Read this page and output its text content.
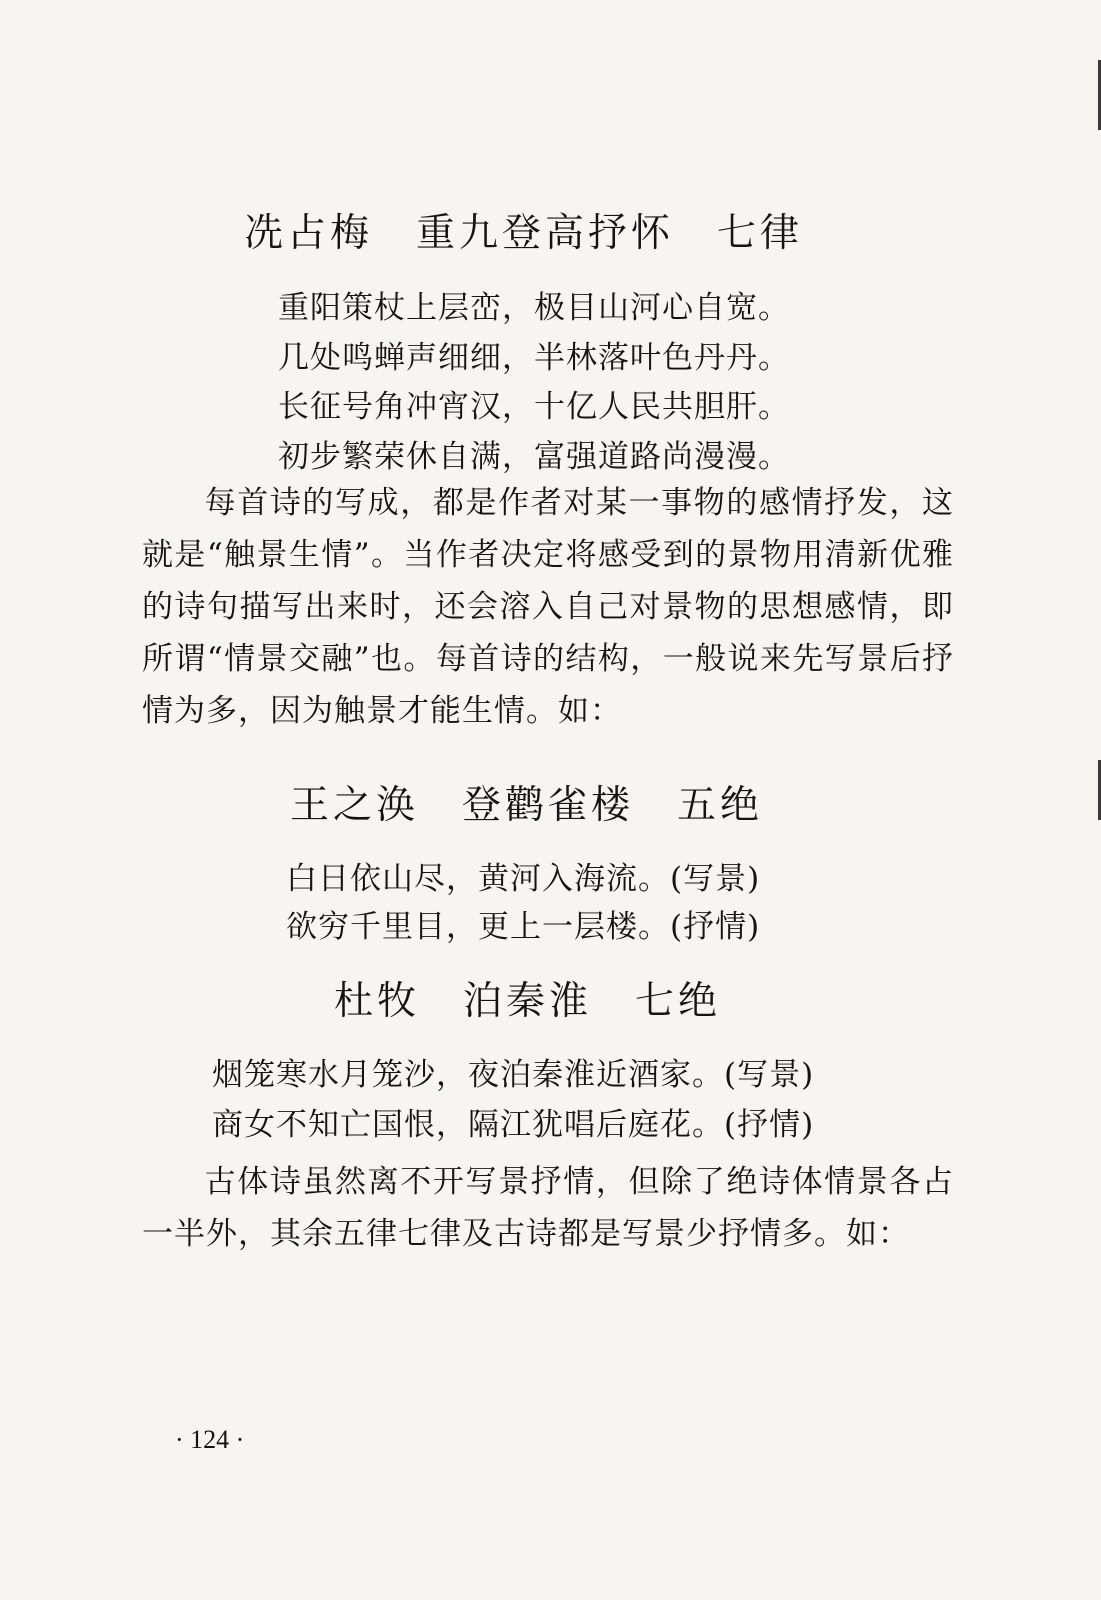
冼占梅　重九登高抒怀　七律
重阳策杖上层峦，极目山河心自宽。
几处鸣蝉声细细，半林落叶色丹丹。
长征号角冲宵汉，十亿人民共胆肝。
初步繁荣休自满，富强道路尚漫漫。
每首诗的写成，都是作者对某一事物的感情抒发，这就是“触景生情”。当作者决定将感受到的景物用清新优雅的诗句描写出来时，还会溶入自己对景物的思想感情，即所谓“情景交融”也。每首诗的结构，一般说来先写景后抒情为多，因为触景才能生情。如：
王之涣　登鹳雀楼　五绝
白日依山尽，黄河入海流。(写景)
欲穷千里目，更上一层楼。(抒情)
杜牧　泊秦淮　七绝
烟笼寒水月笼沙，夜泊秦淮近酒家。(写景)
商女不知亡国恨，隔江犹唱后庭花。(抒情)
古体诗虽然离不开写景抒情，但除了绝诗体情景各占一半外，其余五律七律及古诗都是写景少抒情多。如：
· 124 ·
